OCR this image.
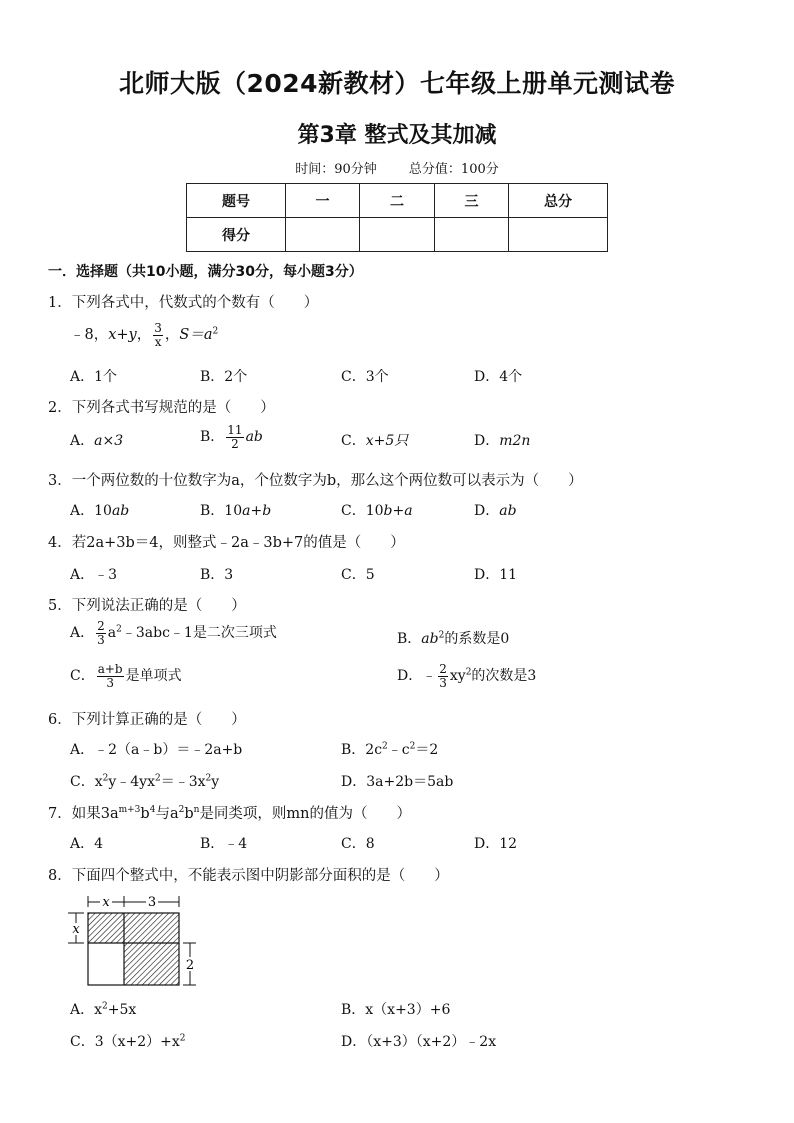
北师大版（2024新教材）七年级上册单元测试卷
第3章 整式及其加减
时间：90分钟 总分值：100分
题号	一	二	三	总分
得分				
一．选择题（共10小题，满分30分，每小题3分）
1．下列各式中，代数式的个数有（　　）
﹣8，x+y， $\frac{3}{x}$ ，$S=a^2$
A．1个	B．2个	C．3个	D．4个
2．下列各式书写规范的是（　　）
A．a×3	B． $\frac{11}{2}$ ab	C．x+5只	D．m2n
3．一个两位数的十位数字为a，个位数字为b，那么这个两位数可以表示为（　　）
A．10ab	B．10a+b	C．10b+a	D．ab
4．若2a+3b＝4，则整式﹣2a﹣3b+7的值是（　　）
A．﹣3	B．3	C．5	D．11
5．下列说法正确的是（　　）
A． $\frac{2}{3}$ $a^2﹣3abc﹣1$是二次三项式	B．$ab^2$的系数是0
C． $\frac{a+b}{3}$ 是单项式	D．﹣ $\frac{2}{3} xy^2$的次数是3
6．下列计算正确的是（　　）
A．﹣2（a﹣b）＝﹣2a+b	B．$2c^2﹣c^2=2$
C．$x^2y﹣4yx^2=﹣3x^2y$	D．3a+2b＝5ab
7．如果$3a^{m+3}b^4$与$a^2b^n$是同类项，则mn的值为（　　）
A．4	B．﹣4	C．8	D．12
8．下面四个整式中，不能表示图中阴影部分面积的是（　　）
x	3
x
2
A．$x^2+5x$	B．x（x+3）+6
C．$3(x+2)+x^2$	D．（x+3）（x+2）﹣2x
